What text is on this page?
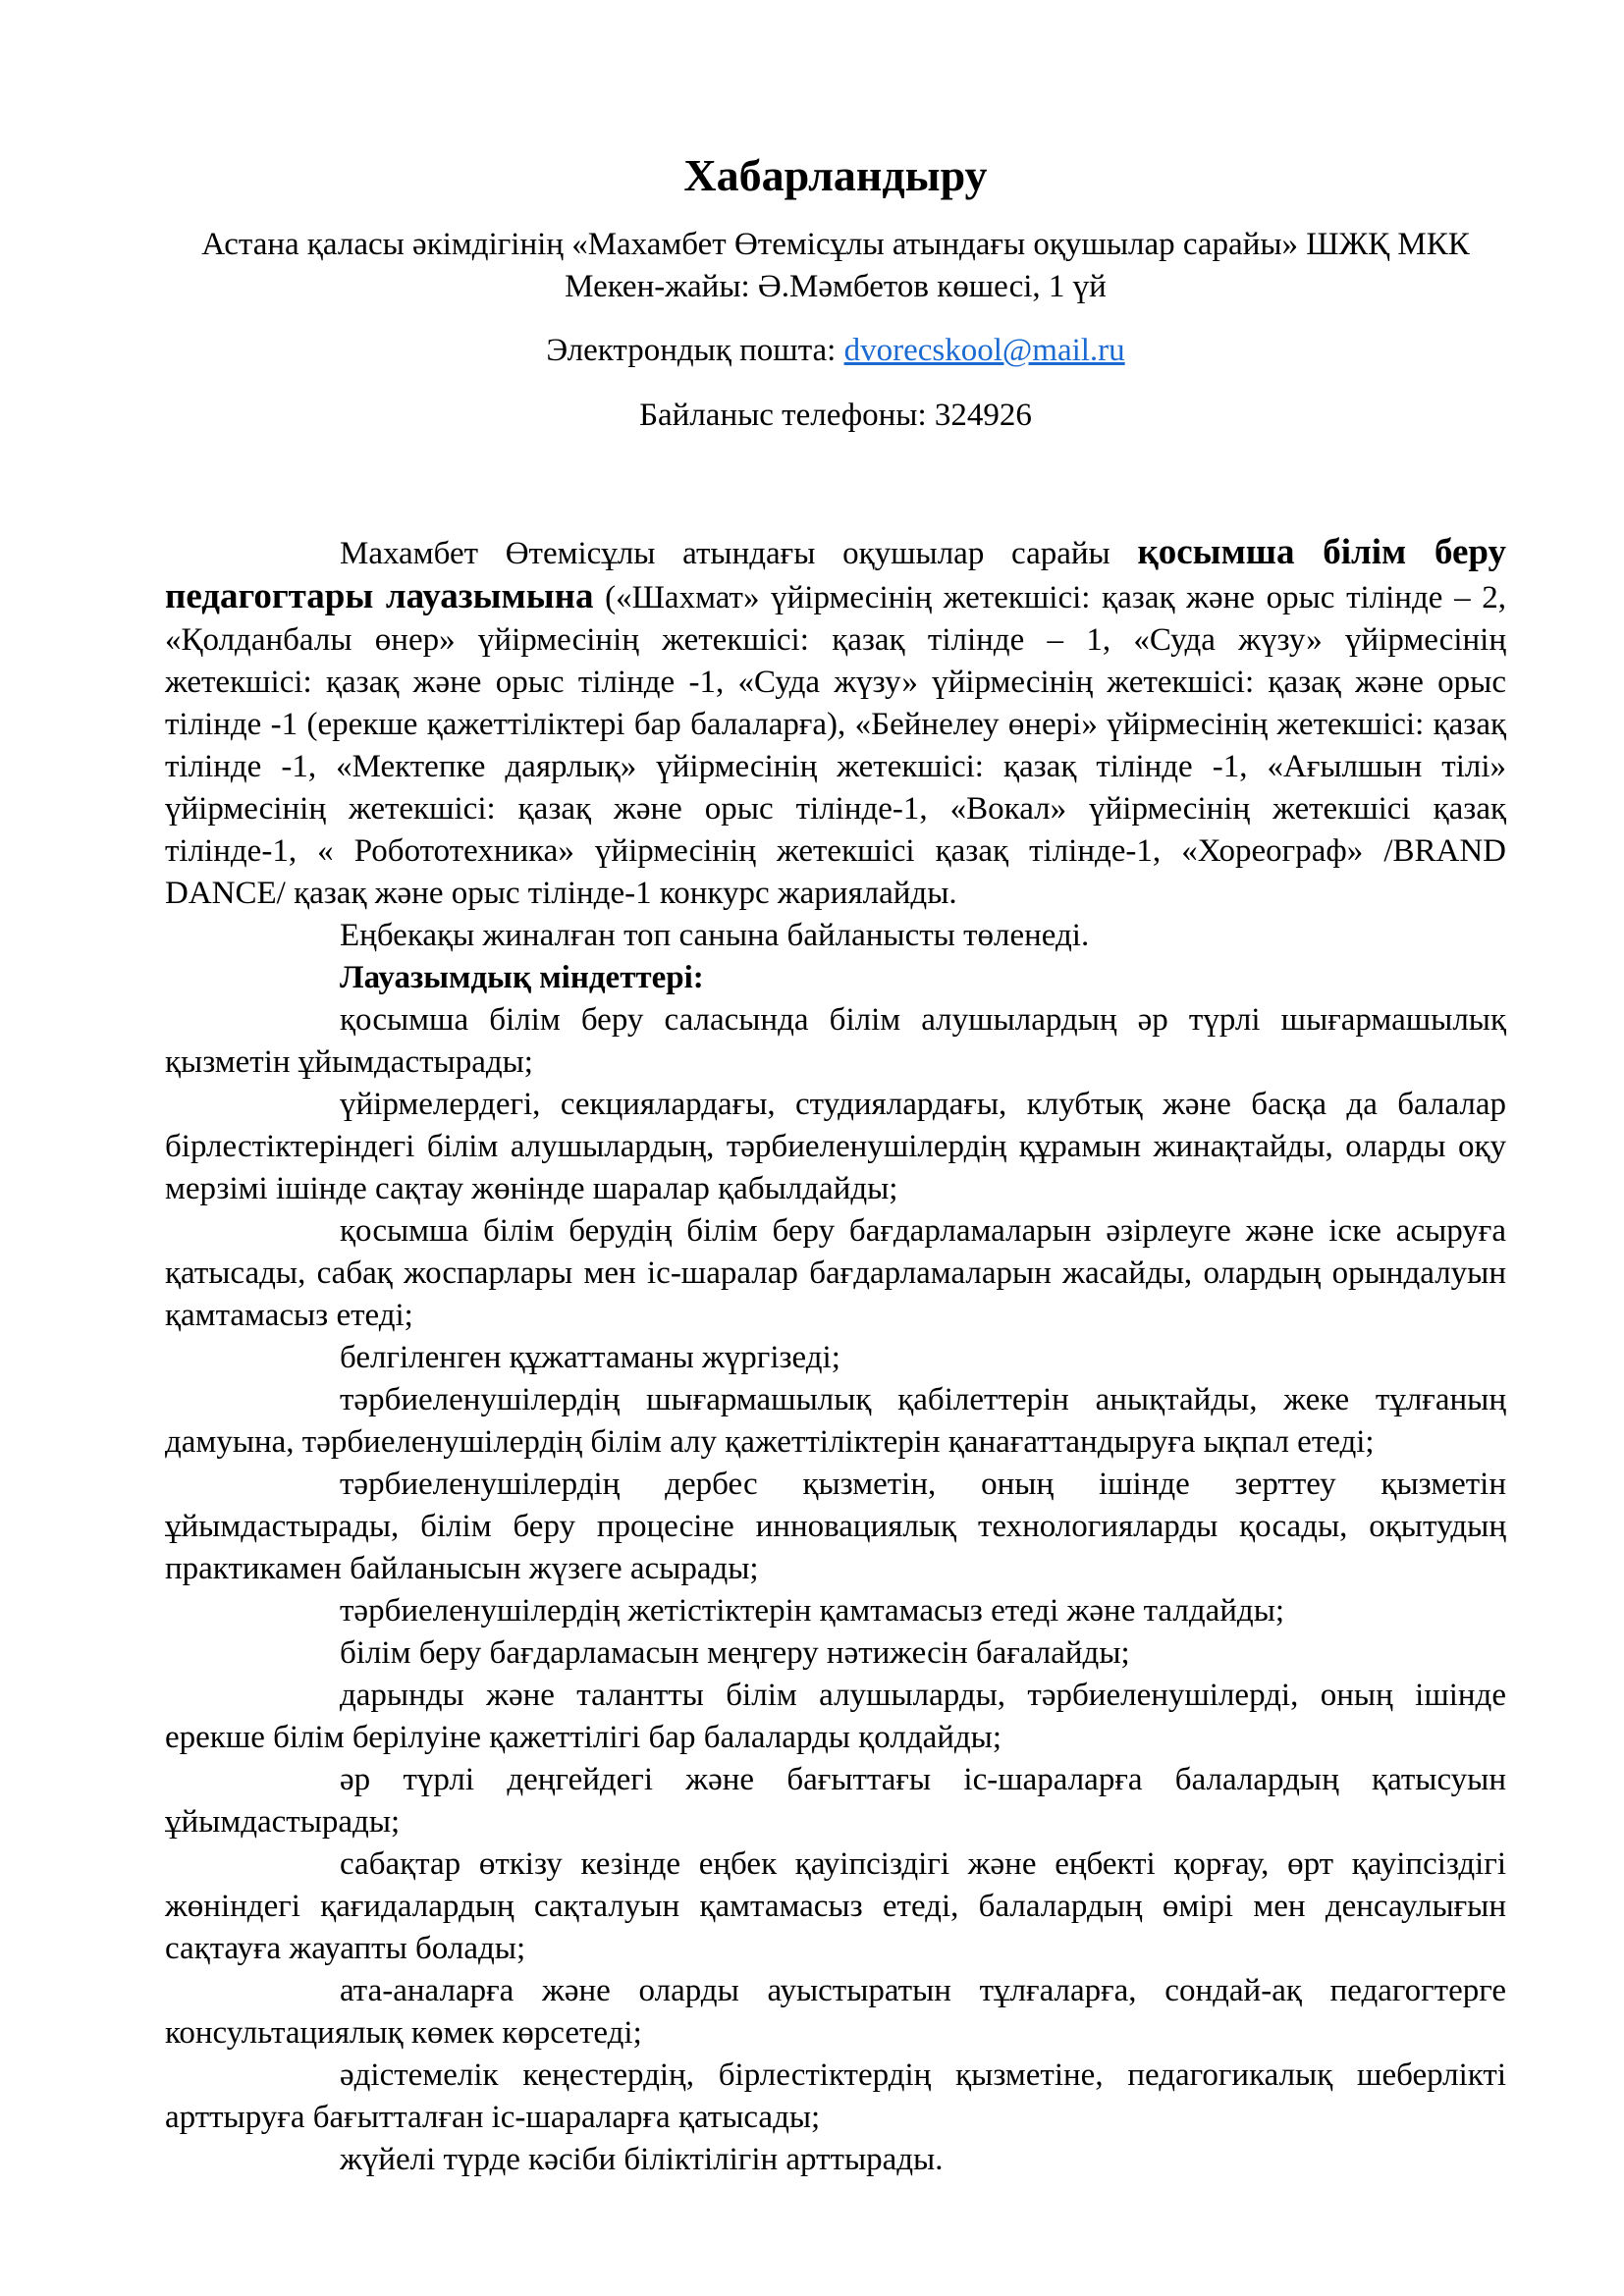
Хабарландыру

Астана қаласы әкімдігінің «Махамбет Өтемісұлы атындағы оқушылар сарайы» ШЖҚ МКК

Мекен-жайы: Ә.Мәмбетов көшесі, 1 үй

Электрондық пошта: dvorecskool@mail.ru

Байланыс телефоны: 324926

Махамбет Өтемісұлы атындағы оқушылар сарайы қосымша білім беру педагогтары лауазымына («Шахмат» үйірмесінің жетекшісі: қазақ және орыс тілінде – 2, «Қолданбалы өнер» үйірмесінің жетекшісі: қазақ тілінде – 1, «Суда жүзу» үйірмесінің жетекшісі: қазақ және орыс тілінде -1, «Суда жүзу» үйірмесінің жетекшісі: қазақ және орыс тілінде -1 (ерекше қажеттіліктері бар балаларға), «Бейнелеу өнері» үйірмесінің жетекшісі: қазақ тілінде -1, «Мектепке даярлық» үйірмесінің жетекшісі: қазақ тілінде -1, «Ағылшын тілі» үйірмесінің жетекшісі: қазақ және орыс тілінде-1, «Вокал» үйірмесінің жетекшісі қазақ тілінде-1, « Робототехника» үйірмесінің жетекшісі қазақ тілінде-1, «Хореограф» /BRAND DANCE/ қазақ және орыс тілінде-1 конкурс жариялайды.

Еңбекақы жиналған топ санына байланысты төленеді.

Лауазымдық міндеттері:

қосымша білім беру саласында білім алушылардың әр түрлі шығармашылық қызметін ұйымдастырады;

үйірмелердегі, секциялардағы, студиялардағы, клубтық және басқа да балалар бірлестіктеріндегі білім алушылардың, тәрбиеленушілердің құрамын жинақтайды, оларды оқу мерзімі ішінде сақтау жөнінде шаралар қабылдайды;

қосымша білім берудің білім беру бағдарламаларын әзірлеуге және іске асыруға қатысады, сабақ жоспарлары мен іс-шаралар бағдарламаларын жасайды, олардың орындалуын қамтамасыз етеді;

белгіленген құжаттаманы жүргізеді;

тәрбиеленушілердің шығармашылық қабілеттерін анықтайды, жеке тұлғаның дамуына, тәрбиеленушілердің білім алу қажеттіліктерін қанағаттандыруға ықпал етеді;

тәрбиеленушілердің дербес қызметін, оның ішінде зерттеу қызметін ұйымдастырады, білім беру процесіне инновациялық технологияларды қосады, оқытудың практикамен байланысын жүзеге асырады;

тәрбиеленушілердің жетістіктерін қамтамасыз етеді және талдайды;

білім беру бағдарламасын меңгеру нәтижесін бағалайды;

дарынды және талантты білім алушыларды, тәрбиеленушілерді, оның ішінде ерекше білім берілуіне қажеттілігі бар балаларды қолдайды;

әр түрлі деңгейдегі және бағыттағы іс-шараларға балалардың қатысуын ұйымдастырады;

сабақтар өткізу кезінде еңбек қауіпсіздігі және еңбекті қорғау, өрт қауіпсіздігі жөніндегі қағидалардың сақталуын қамтамасыз етеді, балалардың өмірі мен денсаулығын сақтауға жауапты болады;

ата-аналарға және оларды ауыстыратын тұлғаларға, сондай-ақ педагогтерге консультациялық көмек көрсетеді;

әдістемелік кеңестердің, бірлестіктердің қызметіне, педагогикалық шеберлікті арттыруға бағытталған іс-шараларға қатысады;

жүйелі түрде кәсіби біліктілігін арттырады.
